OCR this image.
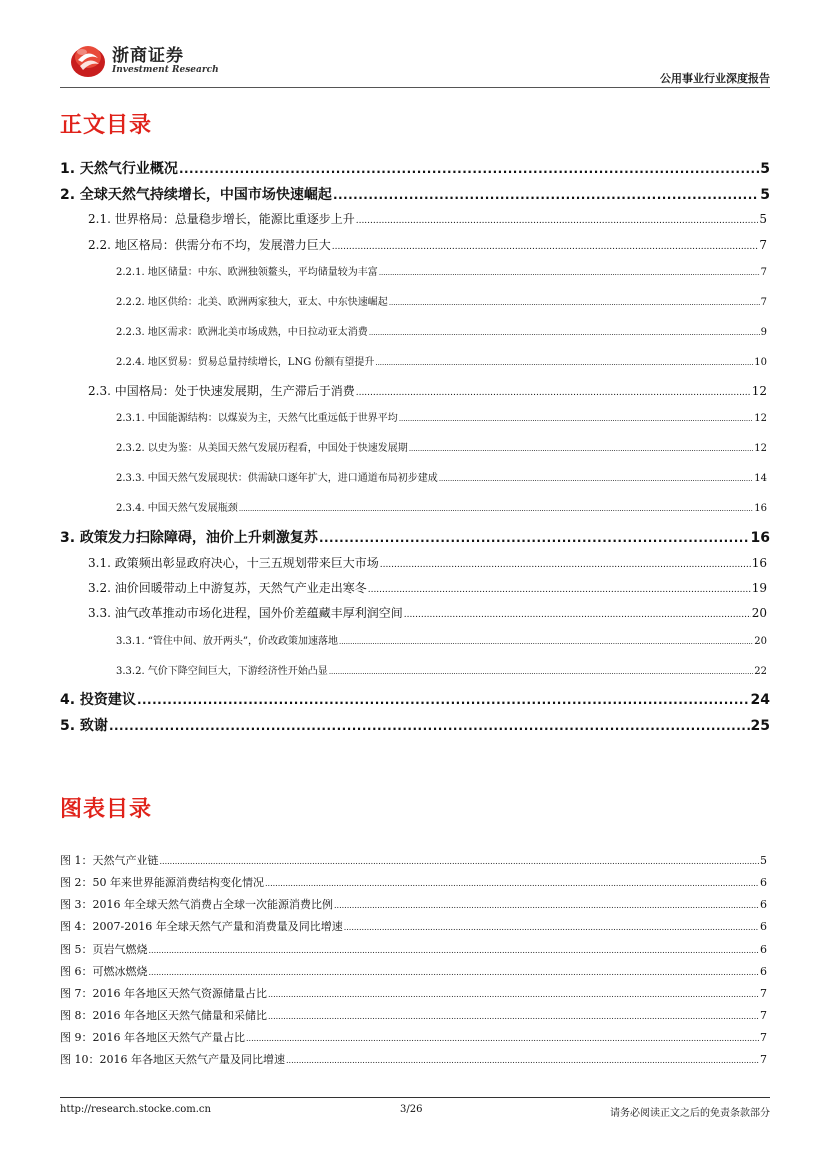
浙商证券
Investment Research
公用事业行业深度报告
正文目录
1. 天然气行业概况 .....	5
2. 全球天然气持续增长，中国市场快速崛起 .....	5
2.1. 世界格局：总量稳步增长，能源比重逐步上升 .....	5
2.2. 地区格局：供需分布不均，发展潜力巨大 .....	7
2.2.1. 地区储量：中东、欧洲独领鳌头，平均储量较为丰富 .....	7
2.2.2. 地区供给：北美、欧洲两家独大，亚太、中东快速崛起 .....	7
2.2.3. 地区需求：欧洲北美市场成熟，中日拉动亚太消费 .....	9
2.2.4. 地区贸易：贸易总量持续增长，LNG 份额有望提升 .....	10
2.3. 中国格局：处于快速发展期，生产滞后于消费 .....	12
2.3.1. 中国能源结构：以煤炭为主，天然气比重远低于世界平均 .....	12
2.3.2. 以史为鉴：从美国天然气发展历程看，中国处于快速发展期 .....	12
2.3.3. 中国天然气发展现状：供需缺口逐年扩大，进口通道布局初步建成 .....	14
2.3.4. 中国天然气发展瓶颈 .....	16
3. 政策发力扫除障碍，油价上升刺激复苏 .....	16
3.1. 政策频出彰显政府决心，十三五规划带来巨大市场 .....	16
3.2. 油价回暖带动上中游复苏，天然气产业走出寒冬 .....	19
3.3. 油气改革推动市场化进程，国外价差蕴藏丰厚利润空间 .....	20
3.3.1. “管住中间、放开两头”，价改政策加速落地 .....	20
3.3.2. 气价下降空间巨大，下游经济性开始凸显 .....	22
4. 投资建议 .....	24
5. 致谢 .....	25
图表目录
图 1：天然气产业链 .....	5
图 2：50 年来世界能源消费结构变化情况 .....	6
图 3：2016 年全球天然气消费占全球一次能源消费比例 .....	6
图 4：2007-2016 年全球天然气产量和消费量及同比增速 .....	6
图 5：页岩气燃烧 .....	6
图 6：可燃冰燃烧 .....	6
图 7：2016 年各地区天然气资源储量占比 .....	7
图 8：2016 年各地区天然气储量和采储比 .....	7
图 9：2016 年各地区天然气产量占比 .....	7
图 10：2016 年各地区天然气产量及同比增速 .....	7
http://research.stocke.com.cn	3/26	请务必阅读正文之后的免责条款部分
